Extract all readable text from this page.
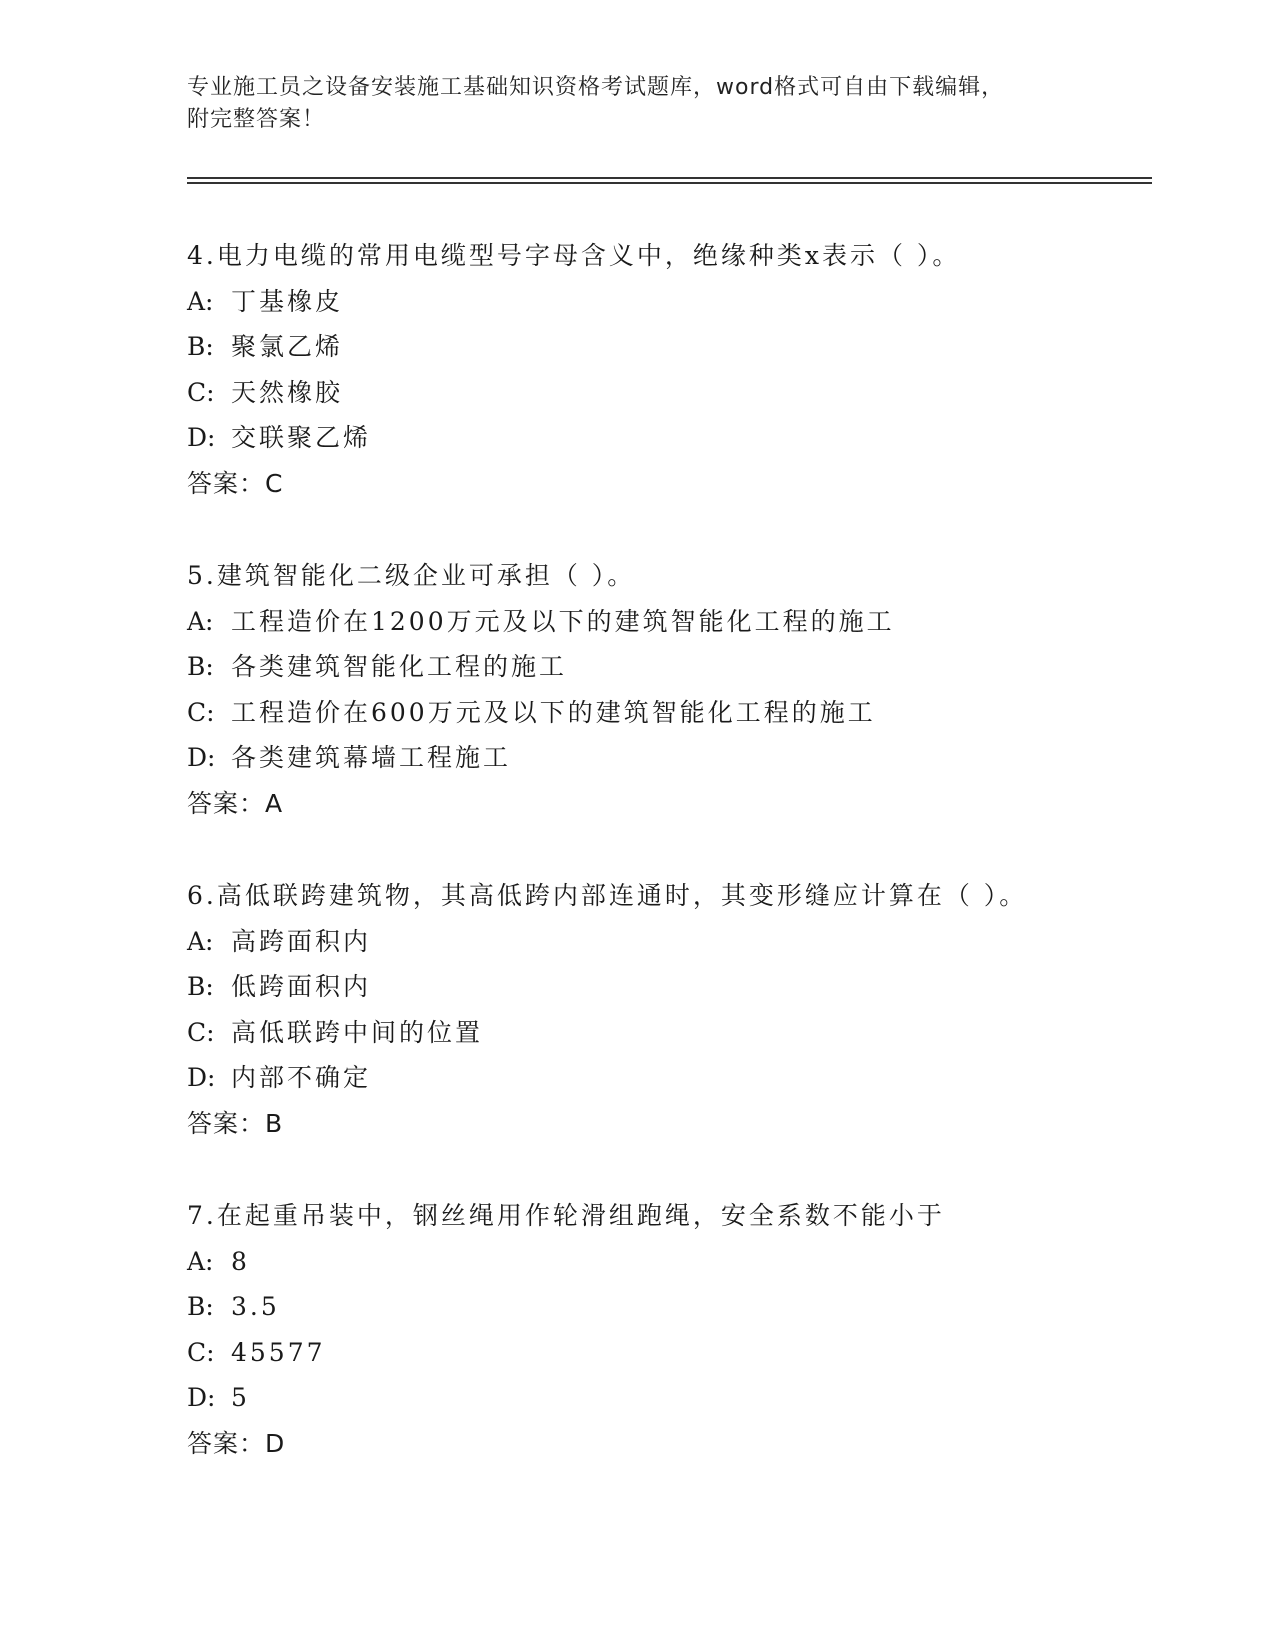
专业施工员之设备安装施工基础知识资格考试题库，word格式可自由下载编辑，
附完整答案！
4.电力电缆的常用电缆型号字母含义中，绝缘种类x表示（ ）。
A: 丁基橡皮
B: 聚氯乙烯
C: 天然橡胶
D: 交联聚乙烯
答案：C
5.建筑智能化二级企业可承担（ ）。
A: 工程造价在1200万元及以下的建筑智能化工程的施工
B: 各类建筑智能化工程的施工
C: 工程造价在600万元及以下的建筑智能化工程的施工
D: 各类建筑幕墙工程施工
答案：A
6.高低联跨建筑物，其高低跨内部连通时，其变形缝应计算在（ ）。
A: 高跨面积内
B: 低跨面积内
C: 高低联跨中间的位置
D: 内部不确定
答案：B
7.在起重吊装中，钢丝绳用作轮滑组跑绳，安全系数不能小于
A: 8
B: 3.5
C: 45577
D: 5
答案：D
